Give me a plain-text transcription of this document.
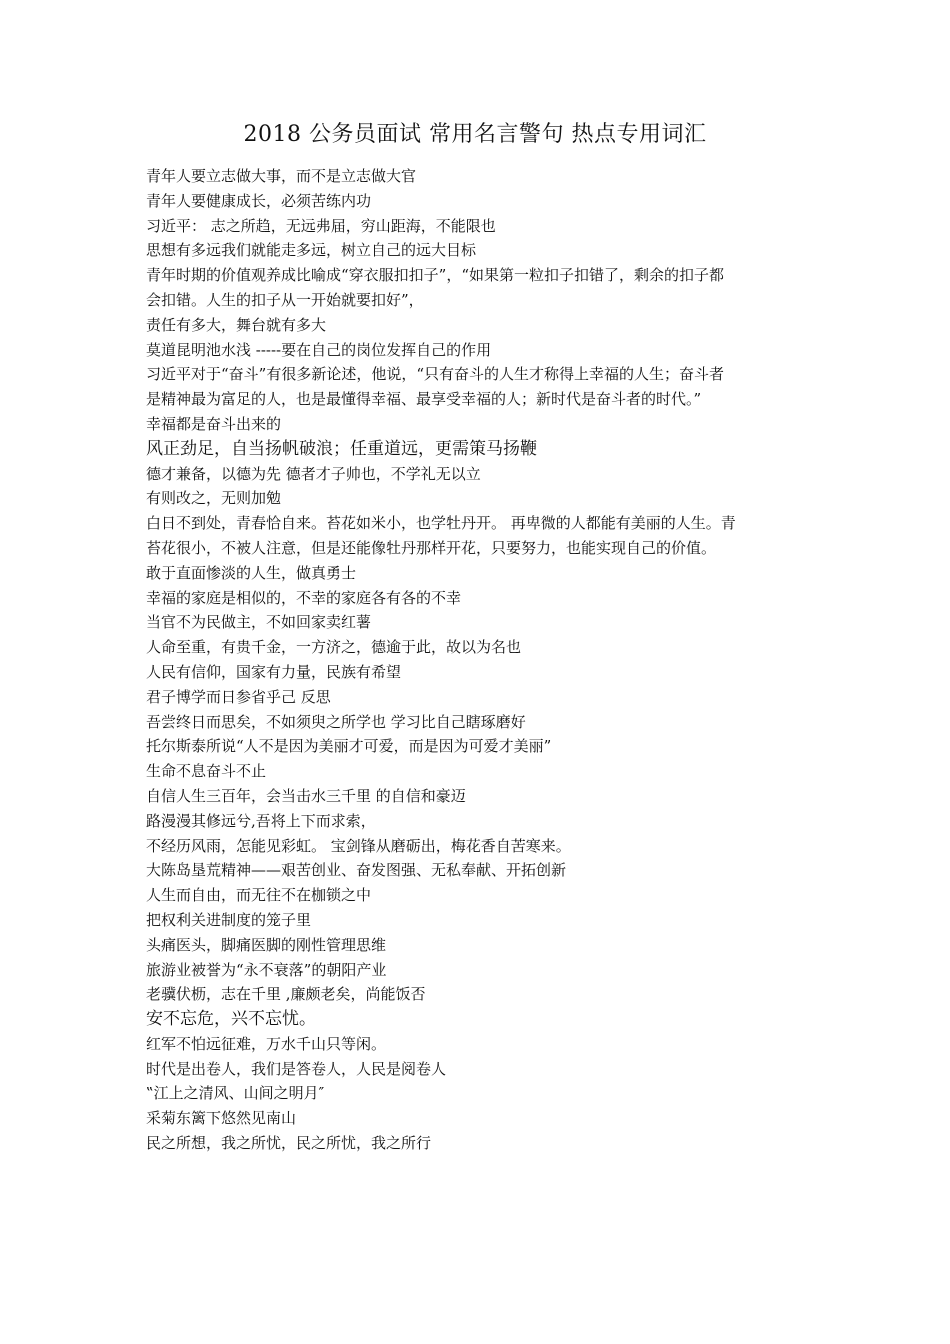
2018 公务员面试 常用名言警句 热点专用词汇
青年人要立志做大事，而不是立志做大官
青年人要健康成长，必须苦练内功
习近平： 志之所趋，无远弗届，穷山距海，不能限也
思想有多远我们就能走多远，树立自己的远大目标
青年时期的价值观养成比喻成“穿衣服扣扣子”，“如果第一粒扣子扣错了，剩余的扣子都
会扣错。人生的扣子从一开始就要扣好”，
责任有多大，舞台就有多大
莫道昆明池水浅 -----要在自己的岗位发挥自己的作用
习近平对于“奋斗”有很多新论述，他说，“只有奋斗的人生才称得上幸福的人生；奋斗者
是精神最为富足的人，也是最懂得幸福、最享受幸福的人；新时代是奋斗者的时代。”
幸福都是奋斗出来的
风正劲足，自当扬帆破浪；任重道远，更需策马扬鞭
德才兼备，以德为先 德者才子帅也，不学礼无以立
有则改之，无则加勉
白日不到处，青春恰自来。苔花如米小，也学牡丹开。 再卑微的人都能有美丽的人生。青
苔花很小，不被人注意，但是还能像牡丹那样开花，只要努力，也能实现自己的价值。
敢于直面惨淡的人生，做真勇士
幸福的家庭是相似的，不幸的家庭各有各的不幸
当官不为民做主，不如回家卖红薯
人命至重，有贵千金，一方济之，德逾于此，故以为名也
人民有信仰，国家有力量，民族有希望
君子博学而日参省乎己 反思
吾尝终日而思矣，不如须臾之所学也 学习比自己瞎琢磨好
托尔斯泰所说“人不是因为美丽才可爱，而是因为可爱才美丽”
生命不息奋斗不止
自信人生三百年，会当击水三千里 的自信和豪迈
路漫漫其修远兮,吾将上下而求索，
不经历风雨，怎能见彩虹。 宝剑锋从磨砺出，梅花香自苦寒来。
大陈岛垦荒精神——艰苦创业、奋发图强、无私奉献、开拓创新
人生而自由，而无往不在枷锁之中
把权利关进制度的笼子里
头痛医头，脚痛医脚的刚性管理思维
旅游业被誉为“永不衰落”的朝阳产业
老骥伏枥，志在千里 ,廉颇老矣，尚能饭否
安不忘危，兴不忘忧。
红军不怕远征难，万水千山只等闲。
时代是出卷人，我们是答卷人，人民是阅卷人
‟江上之清风、山间之明月″
采菊东篱下悠然见南山
民之所想，我之所忧，民之所忧，我之所行
